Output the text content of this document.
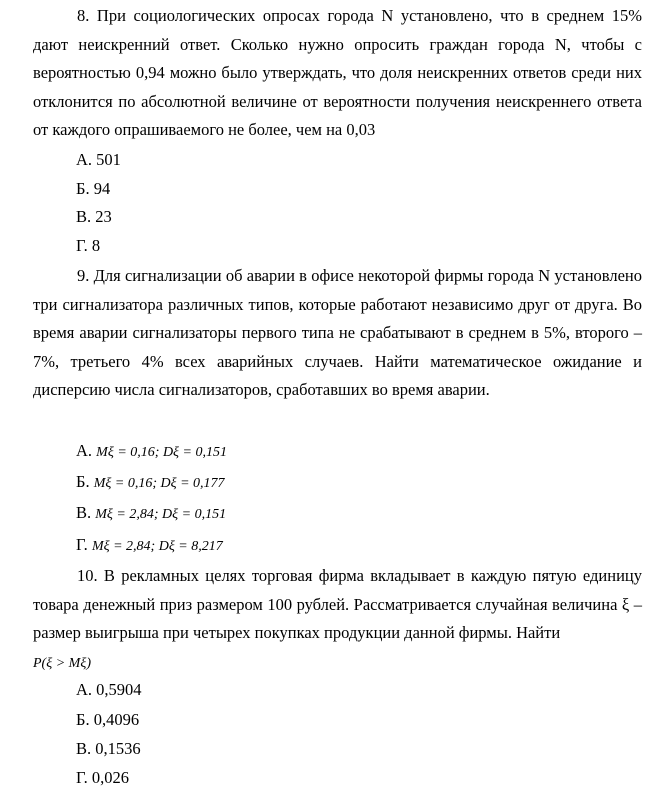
8. При социологических опросах города N установлено, что в среднем 15% дают неискренний ответ. Сколько нужно опросить граждан города N, чтобы с вероятностью 0,94 можно было утверждать, что доля неискренних ответов среди них отклонится по абсолютной величине от вероятности получения неискреннего ответа от каждого опрашиваемого не более, чем на 0,03

А. 501

Б. 94

В. 23

Г. 8

9. Для сигнализации об аварии в офисе некоторой фирмы города N установлено три сигнализатора различных типов, которые работают независимо друг от друга. Во время аварии сигнализаторы первого типа не срабатывают в среднем в 5%, второго – 7%, третьего 4% всех аварийных случаев. Найти математическое ожидание и дисперсию числа сигнализаторов, сработавших во время аварии.

А. Mξ = 0,16; Dξ = 0,151

Б. Mξ = 0,16; Dξ = 0,177

В. Mξ = 2,84; Dξ = 0,151

Г. Mξ = 2,84; Dξ = 8,217

10. В рекламных целях торговая фирма вкладывает в каждую пятую единицу товара денежный приз размером 100 рублей. Рассматривается случайная величина ξ – размер выигрыша при четырех покупках продукции данной фирмы. Найти

P(ξ > Mξ)

А. 0,5904

Б. 0,4096

В. 0,1536

Г. 0,026
